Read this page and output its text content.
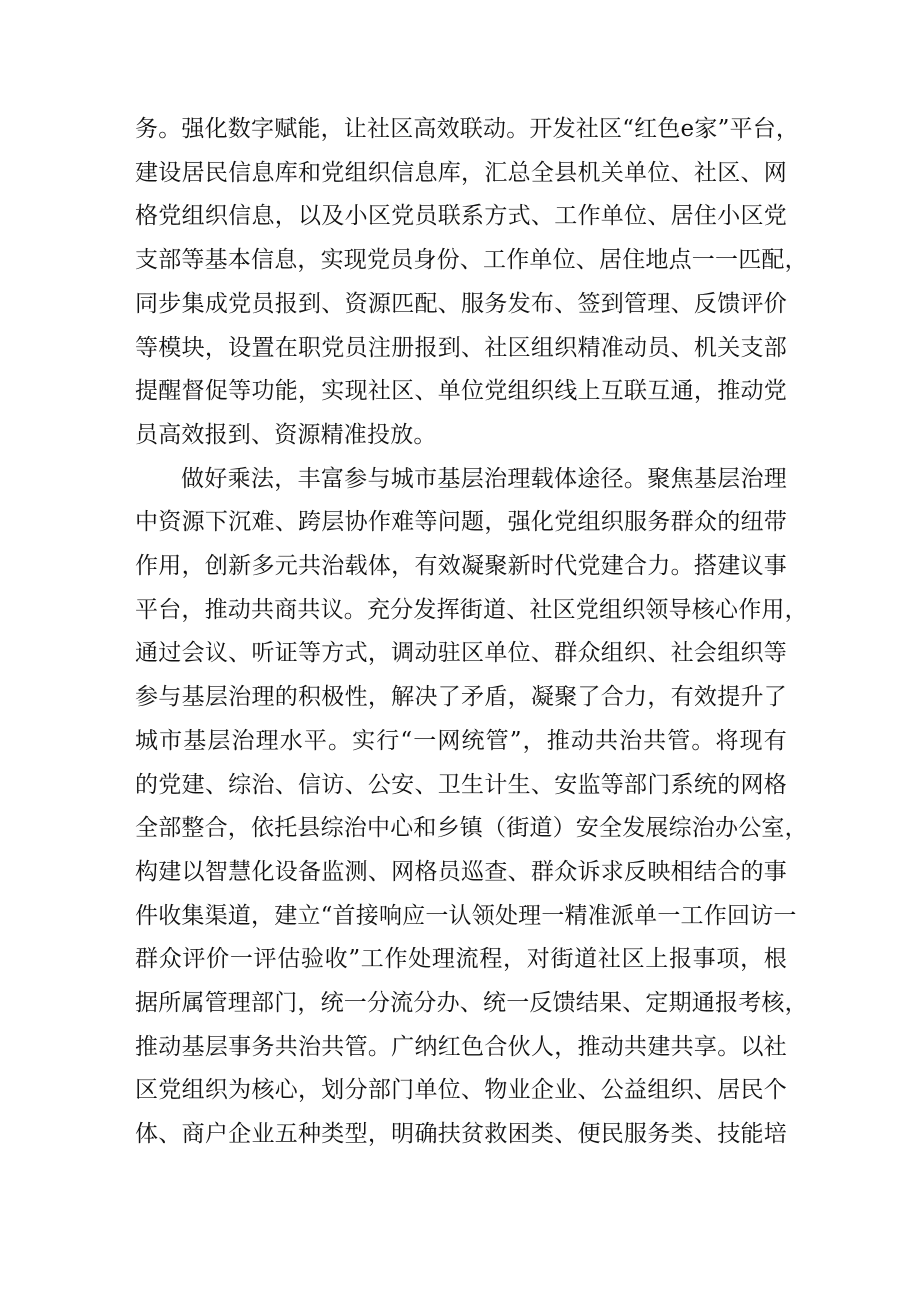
务。强化数字赋能，让社区高效联动。开发社区“红色e家”平台，
建设居民信息库和党组织信息库，汇总全县机关单位、社区、网
格党组织信息，以及小区党员联系方式、工作单位、居住小区党
支部等基本信息，实现党员身份、工作单位、居住地点一一匹配，
同步集成党员报到、资源匹配、服务发布、签到管理、反馈评价
等模块，设置在职党员注册报到、社区组织精准动员、机关支部
提醒督促等功能，实现社区、单位党组织线上互联互通，推动党
员高效报到、资源精准投放。

做好乘法，丰富参与城市基层治理载体途径。聚焦基层治理
中资源下沉难、跨层协作难等问题，强化党组织服务群众的纽带
作用，创新多元共治载体，有效凝聚新时代党建合力。搭建议事
平台，推动共商共议。充分发挥街道、社区党组织领导核心作用，
通过会议、听证等方式，调动驻区单位、群众组织、社会组织等
参与基层治理的积极性，解决了矛盾，凝聚了合力，有效提升了
城市基层治理水平。实行“一网统管”，推动共治共管。将现有
的党建、综治、信访、公安、卫生计生、安监等部门系统的网格
全部整合，依托县综治中心和乡镇（街道）安全发展综治办公室，
构建以智慧化设备监测、网格员巡查、群众诉求反映相结合的事
件收集渠道，建立“首接响应一认领处理一精准派单一工作回访一
群众评价一评估验收”工作处理流程，对街道社区上报事项，根
据所属管理部门，统一分流分办、统一反馈结果、定期通报考核，
推动基层事务共治共管。广纳红色合伙人，推动共建共享。以社
区党组织为核心，划分部门单位、物业企业、公益组织、居民个
体、商户企业五种类型，明确扶贫救困类、便民服务类、技能培
